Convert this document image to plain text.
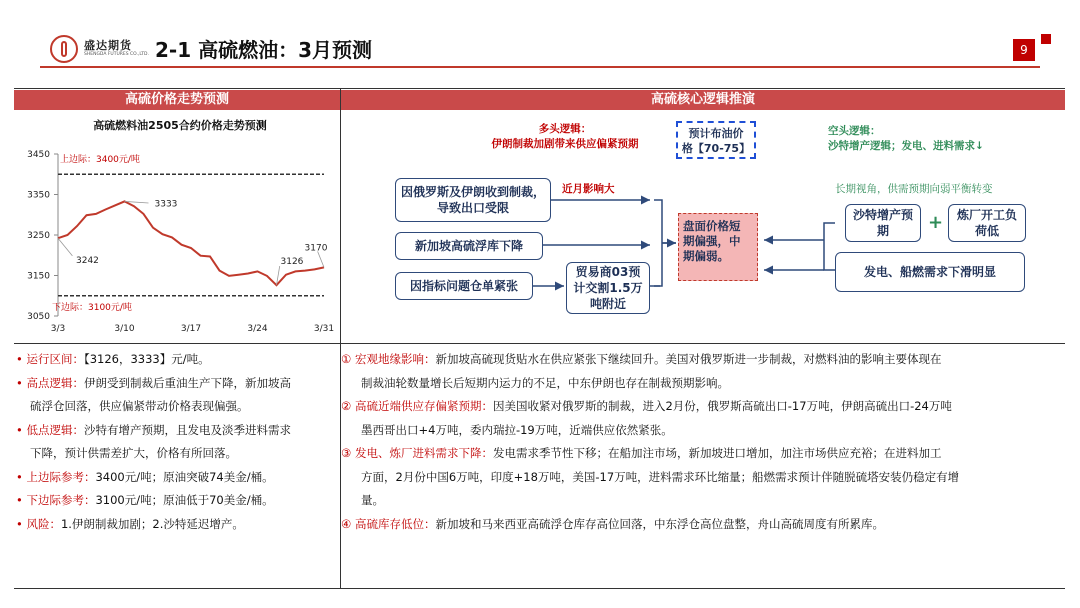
盛达期货
SHENGDA FUTURES CO.,LTD. 2-1 高硫燃油：3月预测	9
高硫价格走势预测	高硫核心逻辑推演
高硫燃料油2505合约价格走势预测
3050
3150
3250
3350
3450
3/3	3/10	3/17	3/24	3/31
上边际：3400元/吨
下边际：3100元/吨
3333
3242	3126
3170
多头逻辑：
伊朗制裁加剧带来供应偏紧预期
预计布油价
格【70-75】
空头逻辑：
沙特增产逻辑；发电、进料需求↓
近月影响大	长期视角，供需预期向弱平衡转变
因俄罗斯及伊朗收到制裁，导致出口受限
新加坡高硫浮库下降
因指标问题仓单紧张
贸易商03预计交割1.5万吨附近
盘面价格短
期偏强，中
期偏弱。
沙特增产预期	+	炼厂开工负荷低
发电、船燃需求下滑明显
• 运行区间：【3126，3333】元/吨。
• 高点逻辑：伊朗受到制裁后重油生产下降，新加坡高
硫浮仓回落，供应偏紧带动价格表现偏强。
• 低点逻辑：沙特有增产预期，且发电及淡季进料需求
下降，预计供需差扩大，价格有所回落。
• 上边际参考：3400元/吨；原油突破74美金/桶。
• 下边际参考：3100元/吨；原油低于70美金/桶。
• 风险：1.伊朗制裁加剧；2.沙特延迟增产。
① 宏观地缘影响：新加坡高硫现货贴水在供应紧张下继续回升。美国对俄罗斯进一步制裁，对燃料油的影响主要体现在
制裁油轮数量增长后短期内运力的不足，中东伊朗也存在制裁预期影响。
② 高硫近端供应存偏紧预期：因美国收紧对俄罗斯的制裁，进入2月份，俄罗斯高硫出口-17万吨，伊朗高硫出口-24万吨
墨西哥出口+4万吨，委内瑞拉-19万吨，近端供应依然紧张。
③ 发电、炼厂进料需求下降：发电需求季节性下移；在船加注市场，新加坡进口增加，加注市场供应充裕；在进料加工
方面，2月份中国6万吨，印度+18万吨，美国-17万吨，进料需求环比缩量；船燃需求预计伴随脱硫塔安装仍稳定有增
量。
④ 高硫库存低位：新加坡和马来西亚高硫浮仓库存高位回落，中东浮仓高位盘整，舟山高硫周度有所累库。
